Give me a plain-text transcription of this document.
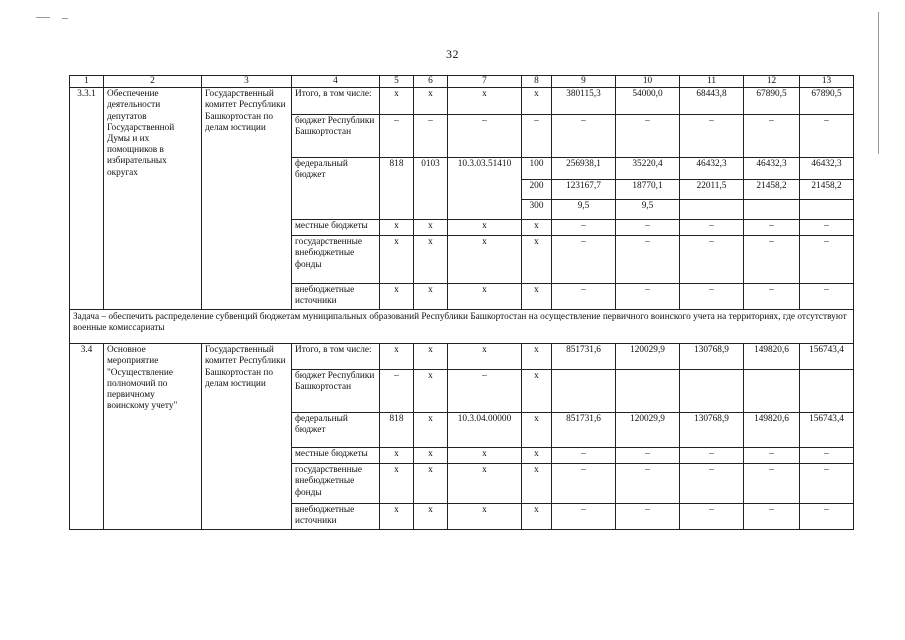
32
1	2	3	4	5	6	7	8	9	10	11	12	13
3.3.1	Обеспечение деятельности депутатов Государственной Думы и их помощников в избирательных округах	Государственный комитет Республики Башкортостан по делам юстиции	Итого, в том числе:	x	x	x	x	380115,3	54000,0	68443,8	67890,5	67890,5
			бюджет Республики Башкортостан	–	–	–	–	–	–	–	–	–
			федеральный бюджет	818	0103	10.3.03.51410	100	256938,1	35220,4	46432,3	46432,3	46432,3
							200	123167,7	18770,1	22011,5	21458,2	21458,2
							300	9,5	9,5			
			местные бюджеты	x	x	x	x	–	–	–	–	–
			государственные внебюджетные фонды	x	x	x	x	–	–	–	–	–
			внебюджетные источники	x	x	x	x	–	–	–	–	–
Задача – обеспечить распределение субвенций бюджетам муниципальных образований Республики Башкортостан на осуществление первичного воинского учета на территориях, где отсутствуют военные комиссариаты												
3.4	Основное мероприятие "Осуществление полномочий по первичному воинскому учету"	Государственный комитет Республики Башкортостан по делам юстиции	Итого, в том числе:	x	x	x	x	851731,6	120029,9	130768,9	149820,6	156743,4
			бюджет Республики Башкортостан	–	x	–	x					
			федеральный бюджет	818	x	10.3.04.00000	x	851731,6	120029,9	130768,9	149820,6	156743,4
			местные бюджеты	x	x	x	x	–	–	–	–	–
			государственные внебюджетные фонды	x	x	x	x	–	–	–	–	–
			внебюджетные источники	x	x	x	x	–	–	–	–	–
